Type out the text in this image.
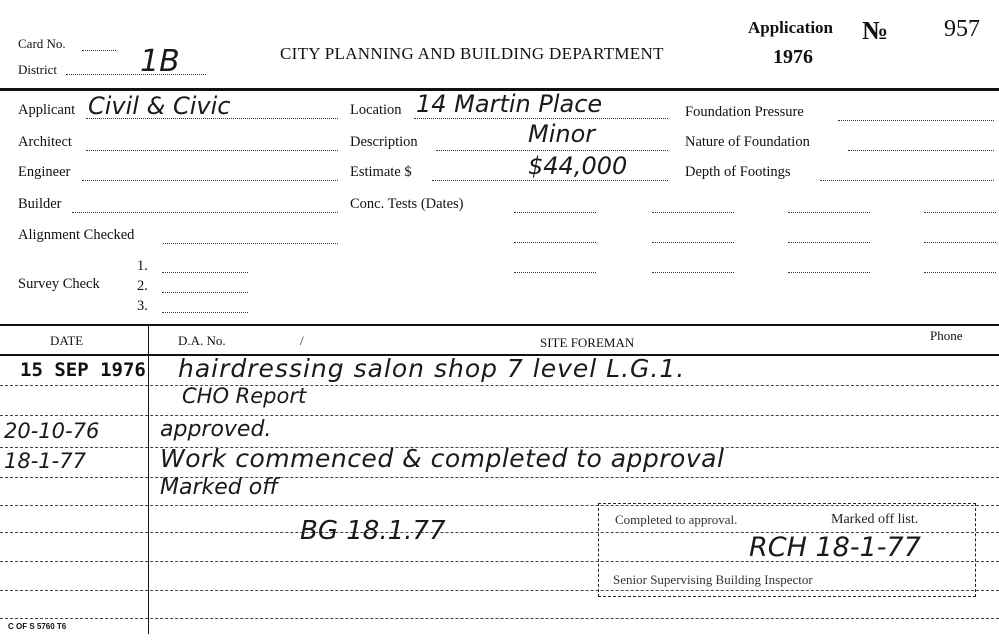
Card No.
District	1B	CITY PLANNING AND BUILDING DEPARTMENT
Application
1976
№ 957
Applicant Civil & Civic
Architect
Engineer
Builder
Alignment Checked
Survey Check
1.
2.
3.
Location 14 Martin Place
Description	Minor
Estimate $	$44,000
Conc. Tests (Dates)
Foundation Pressure
Nature of Foundation
Depth of Footings
DATE	D.A. No.	/	SITE FOREMAN	Phone
15 SEP 1976 hairdressing salon shop 7 level L.G.1.
CHO Report
20-10-76	approved.
18-1-77	Work commenced & completed to approval
Marked off
BG 18.1.77	Completed to approval.	Marked off list.
RCH 18-1-77
Senior Supervising Building Inspector
C OF S 5760 T6
